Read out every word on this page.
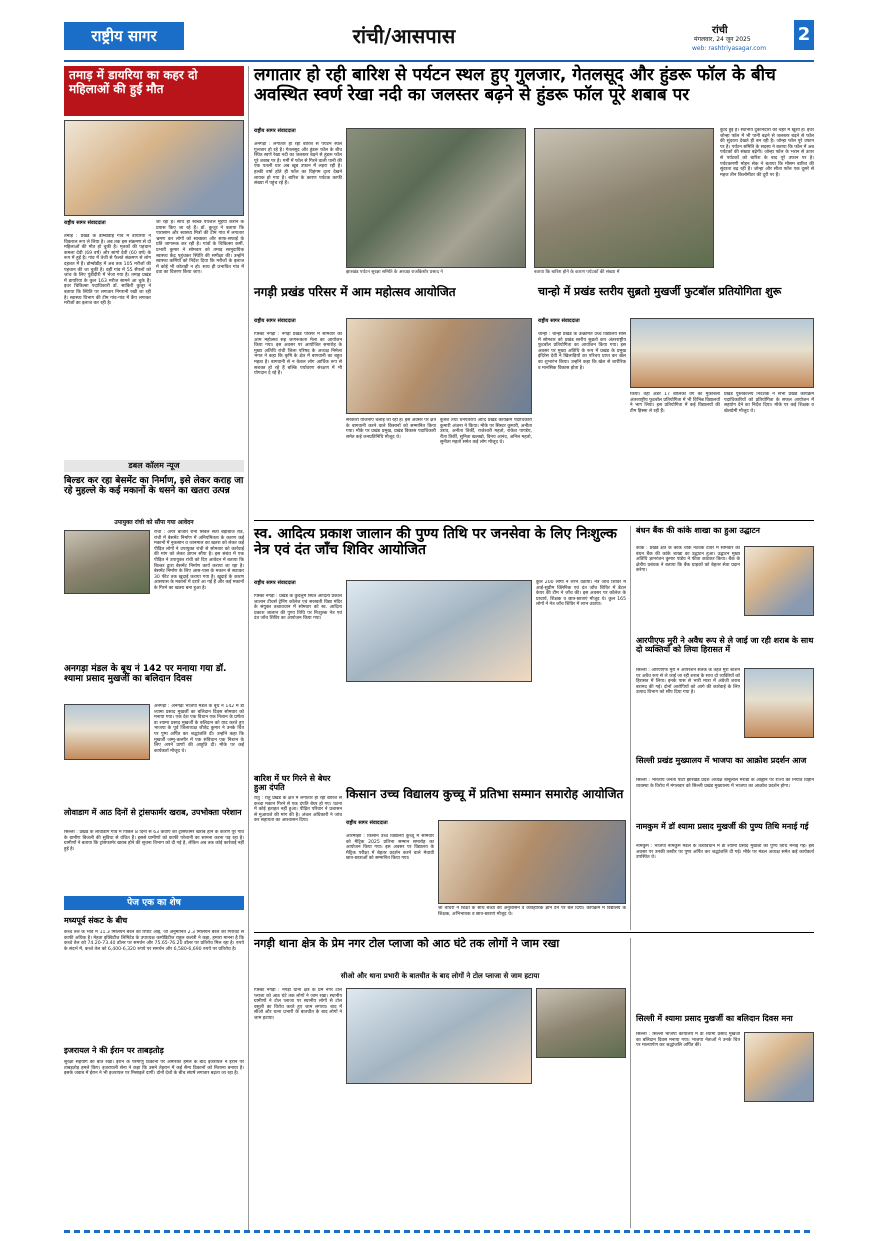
राष्ट्रीय सागर	रांची/आसपास	रांची
मंगलवार, 24 जून 2025
web: rashtriyasagar.com
2
तमाड़ में डायरिया का कहर दो महिलाओं की हुई मौत
राष्ट्रीय सागर संवाददाता
तमाड़ : प्रखंड के डोम्बोडीह गांव में डायरिया ने विकराल रूप ले लिया है। अब तक इस संक्रमण से दो महिलाओं की मौत हो चुकी है। मृतकों की पहचान कमला देवी (69 वर्ष) और सांगो देवी (60 वर्ष) के रूप में हुई है। गांव में तेजी से फैलते संक्रमण से लोग दहशत में हैं। डोम्बोडीह में अब तक 105 मरीजों की पहचान की जा चुकी है। वहीं गांव में 55 सैंपलों को जांच के लिए पुंडीदीरी में भेजा गया है। तमाड़ प्रखंड में डायरिया के कुल 163 मरीज सामने आ चुके हैं। इधर चिकित्सा पदाधिकारी डॉ. साकिरी कुजूर ने बताया कि स्थिति पर लगातार निगरानी रखी जा रही है। स्वास्थ्य विभाग की टीम गांव-गांव में कैंप लगाकर मरीजों का इलाज कर रही है।
जा रहा है। साथ ही स्वच्छ पेयजल मुहैया कराने के प्रयास किए जा रहे हैं। डॉ. कुजूर ने बताया कि पारासाम और स्वास्थ्य मित्रों की टीम गांव में लगातार भ्रमण कर लोगों को स्वच्छता और साफ-सफाई के प्रति जागरूक कर रही है। गांवों के चिकित्सा कर्मी, प्रभारी कुमार ने सोमवार को तमाड़ सामुदायिक स्वास्थ्य केंद्र पहुंचकर स्थिति की समीक्षा की। उन्होंने स्वास्थ्य कर्मियों को निर्देश दिया कि मरीजों के इलाज में कोई भी कोताही न हो। साथ ही प्रभावित गांव में दवा का वितरण किया जाए।
डबल कॉलम न्यूज
बिल्डर कर रहा बेसमेंट का निर्माण, इसे लेकर कराह जा रहे मुहल्ले के कई मकानों के धसने का खतरा उत्पन्न
उपायुक्त रांची को सौंपा गया आवेदन
रांची : अपर बाजार रानी सिवल सती बड़ाबाजे रोड, रांची में बेसमेंट निर्माण में अनियमितता के कारण कई मकानों में नुकसान व जानमाल का खतरा को लेकर कई पीड़ित लोगों ने उपायुक्त रांची से सोमवार को कार्रवाई की मांग को लेकर ज्ञापन सौंपा है। इस संबंध में एक पीड़ित ने उपायुक्त रांची को दिए आवेदन में बताया कि बिल्डर द्वारा बेसमेंट निर्माण कार्य कराया जा रहा है। बेसमेंट निर्माण के लिए आस-पास के मकान से सटाकर 30 फीट तक खुदाई कराया गया है। खुदाई के कारण आसपास के मकानों में दरारें आ गई हैं और कई मकानों के गिरने का खतरा बना हुआ है।
अनगड़ा मंडल के बूथ नं 142 पर मनाया गया डॉ. श्यामा प्रसाद मुखर्जी का बलिदान दिवस
अनगड़ा : अनगड़ा भाजपा मंडल के बूथ नं 142 में डा श्यामा प्रसाद मुखर्जी का बलिदान दिवस सोमवार को मनाया गया। एक देश एक विधान एक निशान के प्रणेता डा श्यामा प्रसाद मुखर्जी के बलिदान को याद करते हुए भाजपा के पूर्व जिलाध्यक्ष जीतेंद्र कुमार ने उनके चित्र पर पुष्प अर्पित कर श्रद्धांजलि दी। उन्होंने कहा कि मुखर्जी जम्मू-कश्मीर में एक संविधान एक निशान के लिए अपने प्राणों की आहुति दी। मौके पर कई कार्यकर्ता मौजूद थे।
लोवाडाग में आठ दिनों से ट्रांसफार्मर खराब, उपभोक्ता परेशान
सिल्ली : प्रखंड के लोवाडाग गांव में पिछले 8 दिनों से 63 केवीए का ट्रांसफार्मर खराब होने के कारण पूरे गांव के ग्रामीण बिजली की सुविधा से वंचित हैं। इससे ग्रामीणों को काफी परेशानी का सामना करना पड़ रहा है। ग्रामीणों ने बताया कि ट्रांसफार्मर खराब होने की सूचना विभाग को दी गई है, लेकिन अब तक कोई कार्रवाई नहीं हुई है।
पेज एक का शेष
मध्यपूर्व संकट के बीच
कच्चे तेल के भाव में 11.3 मिलियन बैरल की रिपोर्ट आई, जो अनुमानित 2.3 मिलियन बैरल की गिरावट से काफी अधिक है। मेहता इक्विटीज लिमिटेड के उपाध्यक्ष कमोडिटीज राहुल कलंत्री ने कहा, हमारा मानना है कि कच्चे तेल को 74.20-73.40 डॉलर पर समर्थन और 75.65-76.20 डॉलर पर प्रतिरोध मिल रहा है। रुपये के संदर्भ में, कच्चे तेल को 6,400-6,320 रुपये पर समर्थन और 6,580-6,690 रुपये पर प्रतिरोध है।
इजरायल ने की ईरान पर ताबड़तोड़
सुरक्षा सहयोग की बात रखी। ईरान के परमाणु ठिकानों पर अमेरिकी हमले के बाद इजरायल ने ईरान पर ताबड़तोड़ हमले किए। इजरायली सेना ने कहा कि उसने तेहरान में कई सैन्य ठिकानों को निशाना बनाया है। इसके जवाब में ईरान ने भी इजरायल पर मिसाइलें दागीं। दोनों देशों के बीच संघर्ष लगातार बढ़ता जा रहा है।
लगातार हो रही बारिश से पर्यटन स्थल हुए गुलजार, गेतलसूद और हुंडरू फॉल के बीच अवस्थित स्वर्ण रेखा नदी का जलस्तर बढ़ने से हुंडरू फॉल पूरे शबाब पर
राष्ट्रीय सागर संवाददाता
अनगड़ा : लगातार हो रही बारिश से पर्यटन स्थल गुलजार हो रहे है। गेतलसूद और हुंडरू फॉल के बीच स्थित स्वर्ण रेखा नदी का जलस्तर बढ़ने से हुंडरू फॉल पूरे शबाब पर है। गर्मी में फॉल से गिरने वाली पानी की एक पतली धार अब खूब उफान में लहरा रही है। हल्की वर्षा होते ही फॉल का विहंगम दृश्य देखने लायक हो गया है। बारिश के कारण पर्यटक काफी संख्या में पहुंच रहे हैं।
कुदि हुई है। स्थानीय दुकानदारों की चेहरे में खुशी है। इधर जोन्हा फॉल में भी पानी बढ़ने से जलस्तर बढ़ने से फॉल की सुंदरता देखते ही बन रही है। जोन्हा फॉल पूरे उफान पर है। पर्यटन समिति के सदस्य ने बताया कि फॉल में अब पर्यटकों की संख्या बढ़ेगी। जोन्हा फॉल के भरान से ऊपर से पर्यटकों को बारिश के बाद पूरे उफान पर है। पर्यटकमणी मोहन सेक ने बताया कि मौसम बारिश की सुंदरता बढ़ रही है। जोन्हा और सीता फॉल एक दूसरे से महज तीन किलोमीटर की दूरी पर हैं।
झारखंड पर्यटन सुरक्षा समिति के अध्यक्ष राजकिशोर प्रसाद ने	बताया कि बारिश होने के कारण पर्यटकों की संख्या में
नगड़ी प्रखंड परिसर में आम महोत्सव आयोजित
राष्ट्रीय सागर संवाददाता
पिस्का नगड़ी : नगड़ी प्रखंड परिसर में सोमवार को आम महोत्सव सह जागरूकता मेला का आयोजन किया गया। इस अवसर पर आयोजित समारोह के मुख्य अतिथि रांची जिला परिषद के अध्यक्ष निर्मला भगत ने कहा कि कृषि के क्षेत्र में बागवानी का बहुत महत्व है। बागवानी से न केवल लोग आर्थिक रूप से सशक्त हो रहे हैं बल्कि पर्यावरण संरक्षण में भी योगदान दे रहे हैं।
सरकारी योजनाएं चलाई जा रही हैं। इस अवसर पर क्षेत्र के बागवानी करने वाले किसानों को सम्मानित किया गया। मौके पर प्रखंड प्रमुख, प्रखंड विकास पदाधिकारी समेत कई जनप्रतिनिधि मौजूद थे।
बुजेश तथा धनपतराय आदि प्रखंड कार्यक्रम पदाधिकारी कुमारी अंजना ने किया। मौके पर सिस्टर कुमारी, अनीता उरांव, अनीता तिर्की, राजेश्वरी महतो, राकेश पाण्डेय, रीता तिर्की, सुनिता खलखो, विनय आनंद, अनिल महतो, सुनीता महतो समेत कई लोग मौजूद थे।
चान्हो में प्रखंड स्तरीय सुब्रतो मुखर्जी फुटबॉल प्रतियोगिता शुरू
राष्ट्रीय सागर संवाददाता
चान्हो : चान्हो प्रखंड के उत्क्रमित उच्च विद्यालय सोंस में सोमवार को प्रखंड स्तरीय सुब्रतो कप अंतरराष्ट्रीय फुटबॉल प्रतियोगिता का आयोजन किया गया। इस अवसर पर मुख्य अतिथि के रूप में प्रखंड के प्रमुख इंदिरेस देवी ने खिलाड़ियों का परिचय प्राप्त कर खेल का शुभारंभ किया। उन्होंने कहा कि खेल से शारीरिक व मानसिक विकास होता है।
किया। वहीं अंडर 17 बालिका वर्ग का मुकाबला अंतरराष्ट्रीय फुटबॉल प्रतियोगिता में भी विभिन्न विद्यालयों ने भाग लिया। इस प्रतियोगिता में कई विद्यालयों की टीम हिस्सा ले रही हैं।
प्रखंड पुस्तकालय निदेशक ने सभी प्रखंड कार्यक्रम पदाधिकारियों को प्रतियोगिता के सफल आयोजन में सहयोग देने का निर्देश दिया। मौके पर कई शिक्षक व खेलप्रेमी मौजूद थे।
स्व. आदित्य प्रकाश जालान की पुण्य तिथि पर जनसेवा के लिए निःशुल्क नेत्र एवं दंत जाँच शिविर आयोजित
राष्ट्रीय सागर संवाददाता
पिस्का नगड़ी : प्रखंड के कुदलुम स्थित आदित्य प्रकाश जालान टीचर्स ट्रेनिंग कॉलेज एवं सरस्वती विद्या मंदिर के संयुक्त तत्वावधान में सोमवार को स्व. आदित्य प्रकाश जालान की पुण्य तिथि पर निःशुल्क नेत्र एवं दंत जाँच शिविर का आयोजन किया गया।
कुल 200 लोगों ने लाभ उठाया। नेत्र जाँच शिविर में आई-सुप्रीम क्लिनिक एवं दंत जाँच शिविर में डेंटल केयर की टीम ने जाँच की। इस अवसर पर कॉलेज के प्राचार्य, शिक्षक व छात्र-छात्राएं मौजूद थे। कुल 165 लोगों ने नेत्र जाँच शिविर में लाभ उठाया।
बारिश में घर गिरने से बेघर हुआ दंपति
रातु : रातु प्रखंड के क्षेत्र में लगातार हो रही बारिश से कच्चा मकान गिरने से एक दंपति बेघर हो गए। घटना में कोई हताहत नहीं हुआ। पीड़ित परिवार ने प्रशासन से मुआवजे की मांग की है। अंचल अधिकारी ने जांच कर सहायता का आश्वासन दिया।
किसान उच्च विद्यालय कुच्चू में प्रतिभा सम्मान समारोह आयोजित
राष्ट्रीय सागर संवाददाता
ओरमांझी : किसान उच्च विद्यालय कुच्चू में सोमवार को मैट्रिक 2025 प्रतिभा सम्मान समारोह का आयोजन किया गया। इस अवसर पर विद्यालय के मैट्रिक परीक्षा में बेहतर प्रदर्शन करने वाले मेधावी छात्र-छात्राओं को सम्मानित किया गया।
श्री चौधरी ने शिक्षा के साथ बच्चों को अनुशासन व व्यवहारिक ज्ञान देने पर बल दिया। कार्यक्रम में विद्यालय के शिक्षक, अभिभावक व छात्र-छात्राएं मौजूद थे।
बंधन बैंक की कांके शाखा का हुआ उद्घाटन
कांके : प्रखंड क्षेत्र के कांके चौक नेटवर्क टॉवर में सोमवार को बंधन बैंक की कांके शाखा का उद्घाटन हुआ। उद्घाटन मुख्य अतिथि ज्ञानरंजन कुमार पांडेय ने फीता काटकर किया। बैंक के क्षेत्रीय प्रबंधक ने बताया कि बैंक ग्राहकों को बेहतर सेवा प्रदान करेगा।
आरपीएफ मुरी ने अवैध रूप से ले जाई जा रही शराब के साथ दो व्यक्तियों को लिया हिरासत में
सिल्ली : आरपीएफ मुरी ने ऑपरेशन सतर्क के तहत मुरी स्टेशन पर अवैध रूप से ले जाई जा रही शराब के साथ दो व्यक्तियों को हिरासत में लिया। इनके पास से भारी मात्रा में अंग्रेजी शराब बरामद की गई। दोनों आरोपियों को आगे की कार्रवाई के लिए उत्पाद विभाग को सौंप दिया गया है।
सिल्ली प्रखंड मुख्यालय में भाजपा का आक्रोश प्रदर्शन आज
सिल्ली : भारतीय जनता पार्टी झारखंड प्रदेश अध्यक्ष बाबूलाल मरांडी के आह्वान पर राज्य की नियति विहीन व्यवस्था के विरोध में मंगलवार को सिल्ली प्रखंड मुख्यालय में भाजपा का आक्रोश प्रदर्शन होगा।
नामकुम में डॉ श्यामा प्रसाद मुखर्जी की पुण्य तिथि मनाई गई
नामकुम : भाजपा नामकुम मंडल के तत्वावधान में डॉ श्यामा प्रसाद मुखर्जी की पुण्य तिथि मनाई गई। इस अवसर पर उनकी तस्वीर पर पुष्प अर्पित कर श्रद्धांजलि दी गई। मौके पर मंडल अध्यक्ष समेत कई कार्यकर्ता उपस्थित थे।
नगड़ी थाना क्षेत्र के प्रेम नगर टोल प्लाजा को आठ घंटे तक लोगों ने जाम रखा
सीओ और थाना प्रभारी के बातचीत के बाद लोगों ने टोल प्लाजा से जाम हटाया
पिस्का नगड़ी : नगड़ी थाना क्षेत्र के प्रेम नगर टोल प्लाजा को आठ घंटे तक लोगों ने जाम रखा। स्थानीय ग्रामीणों ने टोल प्लाजा पर स्थानीय लोगों से टोल वसूली का विरोध करते हुए जाम लगाया। बाद में सीओ और थाना प्रभारी के बातचीत के बाद लोगों ने जाम हटाया।	सिल्ली में श्यामा प्रसाद मुखर्जी का बलिदान दिवस मना
सिल्ली : सिल्ली भाजपा कार्यालय में डॉ श्यामा प्रसाद मुखर्जी का बलिदान दिवस मनाया गया। भाजपा नेताओं ने उनके चित्र पर माल्यार्पण कर श्रद्धांजलि अर्पित की।
